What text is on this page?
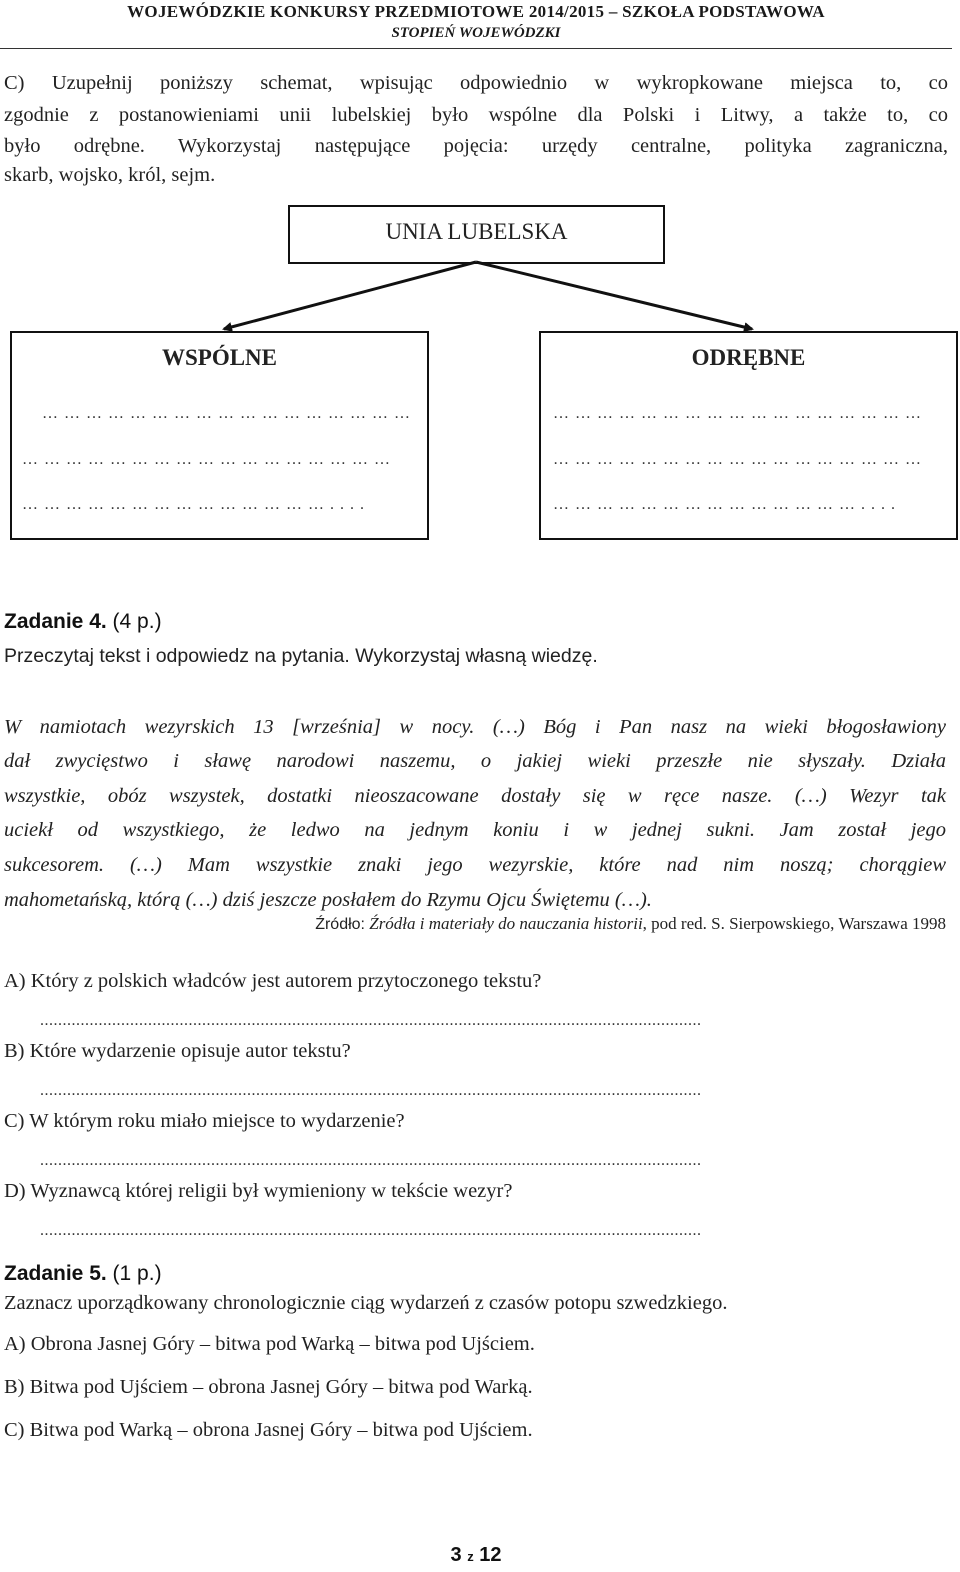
WOJEWÓDZKIE KONKURSY PRZEDMIOTOWE 2014/2015 – SZKOŁA PODSTAWOWA
STOPIEŃ WOJEWÓDZKI
C) Uzupełnij poniższy schemat, wpisując odpowiednio w wykropkowane miejsca to, co
zgodnie z postanowieniami unii lubelskiej było wspólne dla Polski i Litwy, a także to, co
było odrębne. Wykorzystaj następujące pojęcia: urzędy centralne, polityka zagraniczna,
skarb, wojsko, król, sejm.
UNIA LUBELSKA
WSPÓLNE
……………………………………………
……………………………………………
……………………………………....
ODRĘBNE
……………………………………………
……………………………………………
……………………………………....
Zadanie 4. (4 p.)
Przeczytaj tekst i odpowiedz na pytania. Wykorzystaj własną wiedzę.
W namiotach wezyrskich 13 [września] w nocy. (…) Bóg i Pan nasz na wieki błogosławiony
dał zwycięstwo i sławę narodowi naszemu, o jakiej wieki przeszłe nie słyszały. Działa
wszystkie, obóz wszystek, dostatki nieoszacowane dostały się w ręce nasze. (…) Wezyr tak
uciekł od wszystkiego, że ledwo na jednym koniu i w jednej sukni. Jam został jego
sukcesorem. (…) Mam wszystkie znaki jego wezyrskie, które nad nim noszą; chorągiew
mahometańską, którą (…) dziś jeszcze posłałem do Rzymu Ojcu Świętemu (…).
Źródło: Źródła i materiały do nauczania historii, pod red. S. Sierpowskiego, Warszawa 1998
A) Który z polskich władców jest autorem przytoczonego tekstu?
...................................................................................................................................................
B) Które wydarzenie opisuje autor tekstu?
...................................................................................................................................................
C) W którym roku miało miejsce to wydarzenie?
...................................................................................................................................................
D) Wyznawcą której religii był wymieniony w tekście wezyr?
...................................................................................................................................................
Zadanie 5. (1 p.)
Zaznacz uporządkowany chronologicznie ciąg wydarzeń z czasów potopu szwedzkiego.
A) Obrona Jasnej Góry – bitwa pod Warką – bitwa pod Ujściem.
B) Bitwa pod Ujściem – obrona Jasnej Góry – bitwa pod Warką.
C) Bitwa pod Warką – obrona Jasnej Góry – bitwa pod Ujściem.
3 z 12
